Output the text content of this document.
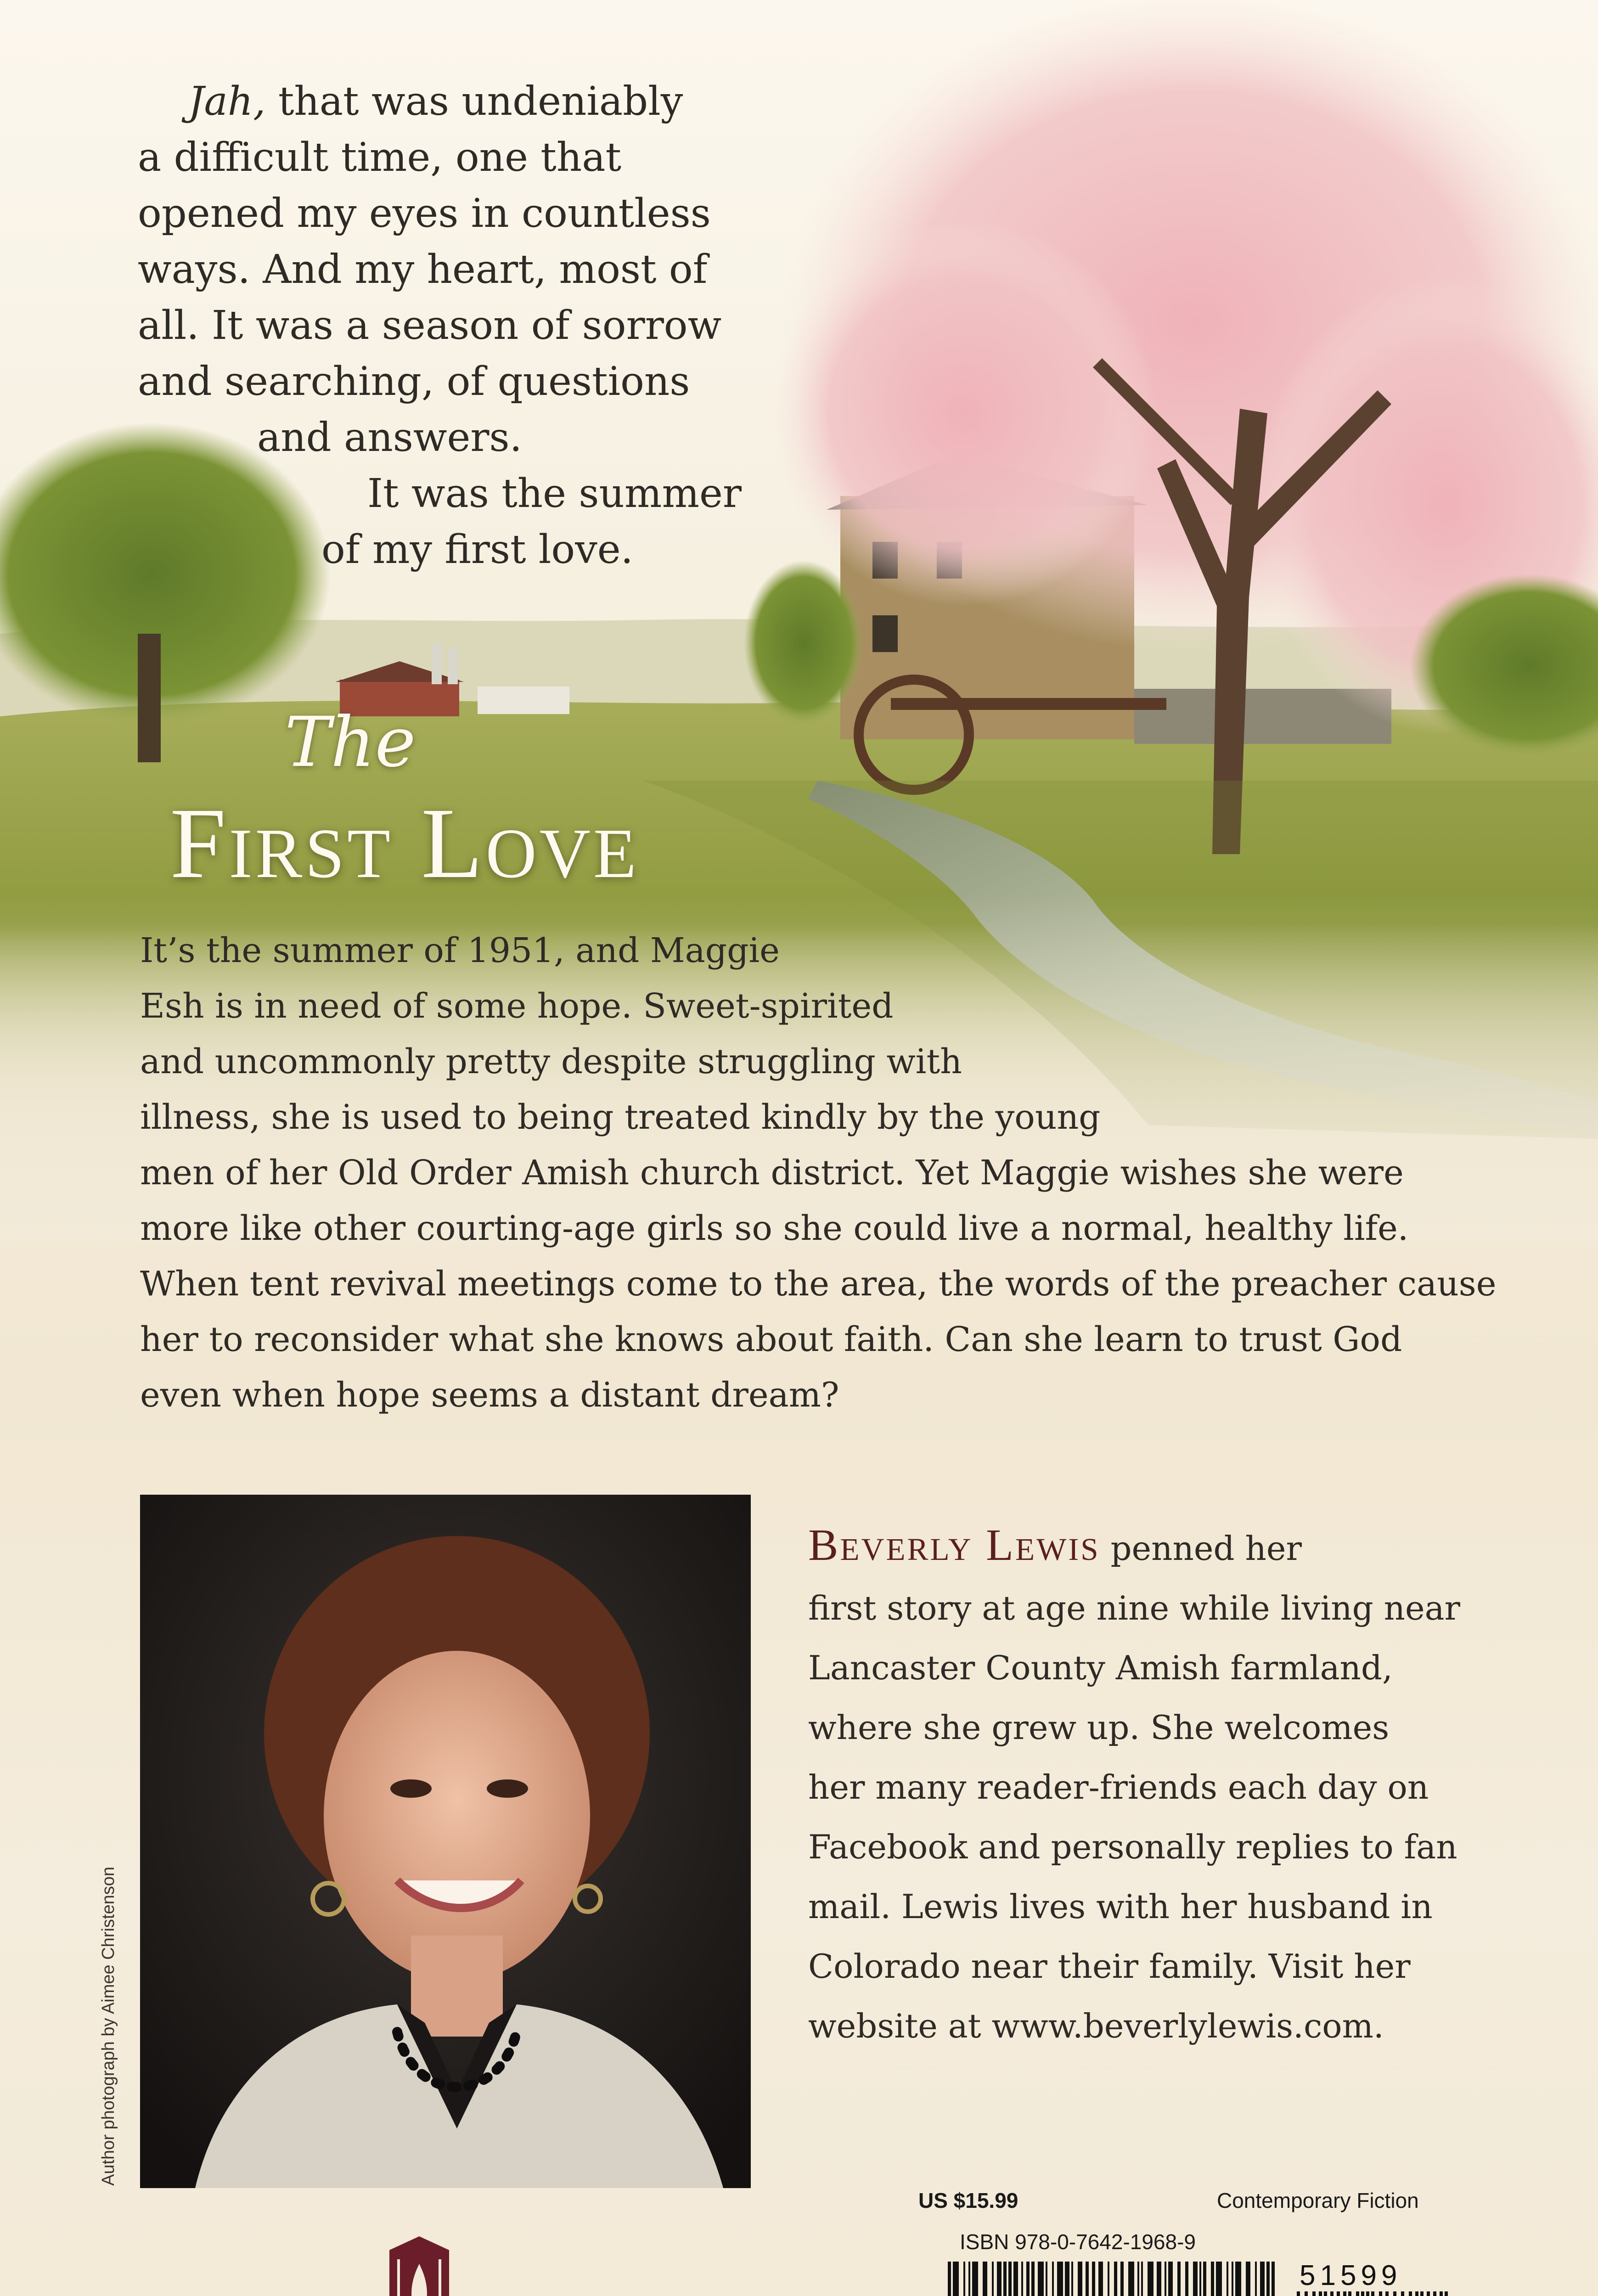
Jah, that was undeniably
a difficult time, one that
opened my eyes in countless
ways. And my heart, most of
all. It was a season of sorrow
and searching, of questions
and answers.
It was the summer
of my first love.
The
First Love
It’s the summer of 1951, and Maggie
Esh is in need of some hope. Sweet-spirited
and uncommonly pretty despite struggling with
illness, she is used to being treated kindly by the young
men of her Old Order Amish church district. Yet Maggie wishes she were
more like other courting-age girls so she could live a normal, healthy life.
When tent revival meetings come to the area, the words of the preacher cause
her to reconsider what she knows about faith. Can she learn to trust God
even when hope seems a distant dream?
Author photograph by Aimee Christenson
Beverly Lewis penned her
first story at age nine while living near
Lancaster County Amish farmland,
where she grew up. She welcomes
her many reader-friends each day on
Facebook and personally replies to fan
mail. Lewis lives with her husband in
Colorado near their family. Visit her
website at www.beverlylewis.com.
US $15.99	Contemporary Fiction
ISBN 978-0-7642-1968-9
51599
